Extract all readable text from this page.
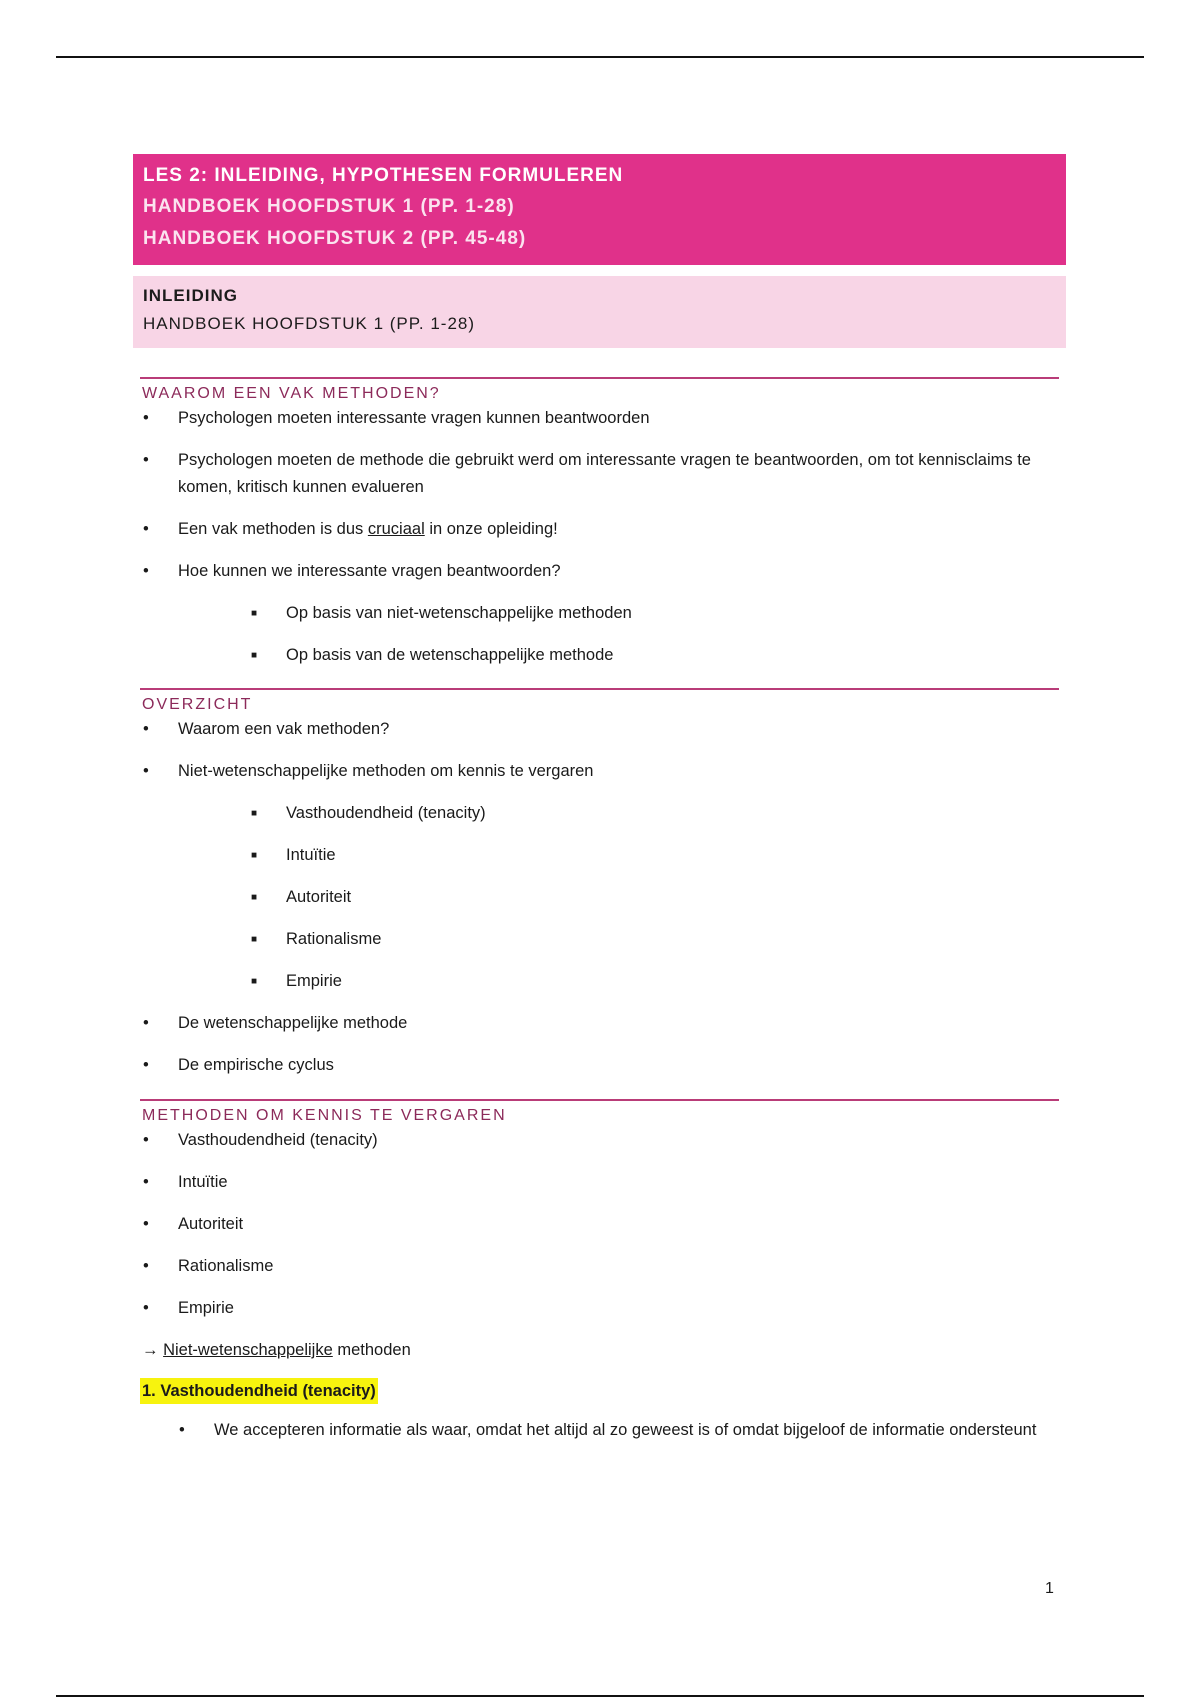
LES 2: INLEIDING, HYPOTHESEN FORMULEREN
HANDBOEK HOOFDSTUK 1 (PP. 1-28)
HANDBOEK HOOFDSTUK 2 (PP. 45-48)
INLEIDING
HANDBOEK HOOFDSTUK 1 (PP. 1-28)
WAAROM EEN VAK METHODEN?
• Psychologen moeten interessante vragen kunnen beantwoorden
• Psychologen moeten de methode die gebruikt werd om interessante vragen te beantwoorden, om tot kennisclaims te komen, kritisch kunnen evalueren
• Een vak methoden is dus cruciaal in onze opleiding!
• Hoe kunnen we interessante vragen beantwoorden?
■ Op basis van niet-wetenschappelijke methoden
■ Op basis van de wetenschappelijke methode
OVERZICHT
• Waarom een vak methoden?
• Niet-wetenschappelijke methoden om kennis te vergaren
■ Vasthoudendheid (tenacity)
■ Intuïtie
■ Autoriteit
■ Rationalisme
■ Empirie
• De wetenschappelijke methode
• De empirische cyclus
METHODEN OM KENNIS TE VERGAREN
• Vasthoudendheid (tenacity)
• Intuïtie
• Autoriteit
• Rationalisme
• Empirie
→ Niet-wetenschappelijke methoden
1. Vasthoudendheid (tenacity)
• We accepteren informatie als waar, omdat het altijd al zo geweest is of omdat bijgeloof de informatie ondersteunt
1
